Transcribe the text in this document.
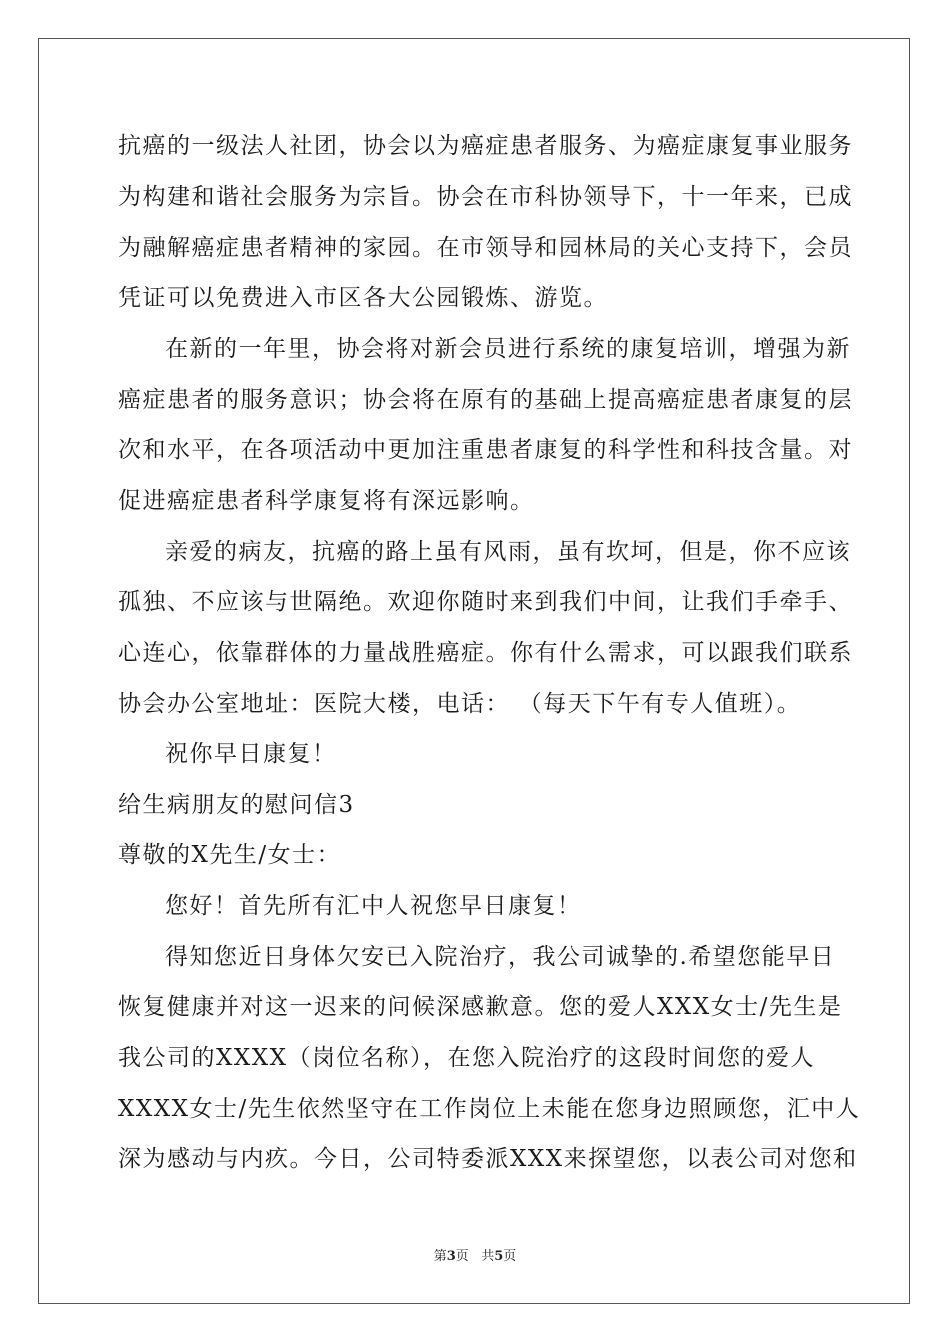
抗癌的一级法人社团，协会以为癌症患者服务、为癌症康复事业服务
为构建和谐社会服务为宗旨。协会在市科协领导下，十一年来，已成
为融解癌症患者精神的家园。在市领导和园林局的关心支持下，会员
凭证可以免费进入市区各大公园锻炼、游览。
在新的一年里，协会将对新会员进行系统的康复培训，增强为新
癌症患者的服务意识；协会将在原有的基础上提高癌症患者康复的层
次和水平，在各项活动中更加注重患者康复的科学性和科技含量。对
促进癌症患者科学康复将有深远影响。
亲爱的病友，抗癌的路上虽有风雨，虽有坎坷，但是，你不应该
孤独、不应该与世隔绝。欢迎你随时来到我们中间，让我们手牵手、
心连心，依靠群体的力量战胜癌症。你有什么需求，可以跟我们联系
协会办公室地址：医院大楼，电话： （每天下午有专人值班）。
祝你早日康复！
给生病朋友的慰问信3
尊敬的X先生/女士：
您好！首先所有汇中人祝您早日康复！
得知您近日身体欠安已入院治疗，我公司诚挚的.希望您能早日
恢复健康并对这一迟来的问候深感歉意。您的爱人XXX女士/先生是
我公司的XXXX（岗位名称），在您入院治疗的这段时间您的爱人
XXXX女士/先生依然坚守在工作岗位上未能在您身边照顾您，汇中人
深为感动与内疚。今日，公司特委派XXX来探望您，以表公司对您和
第3页   共5页
